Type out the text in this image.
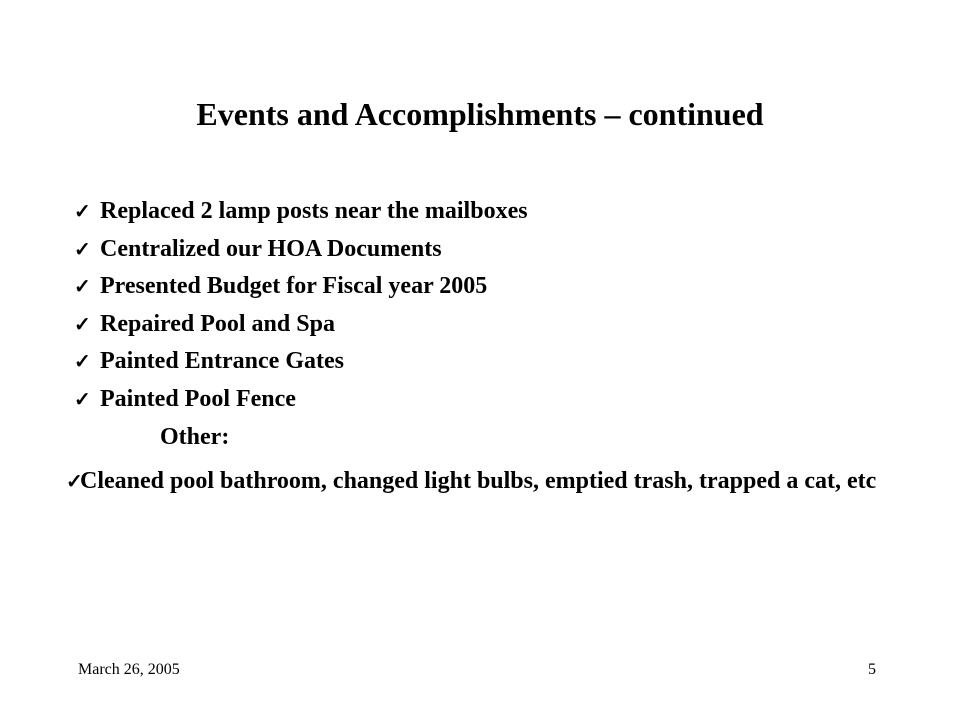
Events and Accomplishments – continued
✓ Replaced 2 lamp posts near the mailboxes
✓ Centralized our HOA Documents
✓ Presented Budget for Fiscal year 2005
✓ Repaired Pool and Spa
✓ Painted Entrance Gates
✓ Painted Pool Fence
Other:
✓Cleaned pool bathroom, changed light bulbs, emptied trash, trapped a cat, etc
March 26, 2005	5
